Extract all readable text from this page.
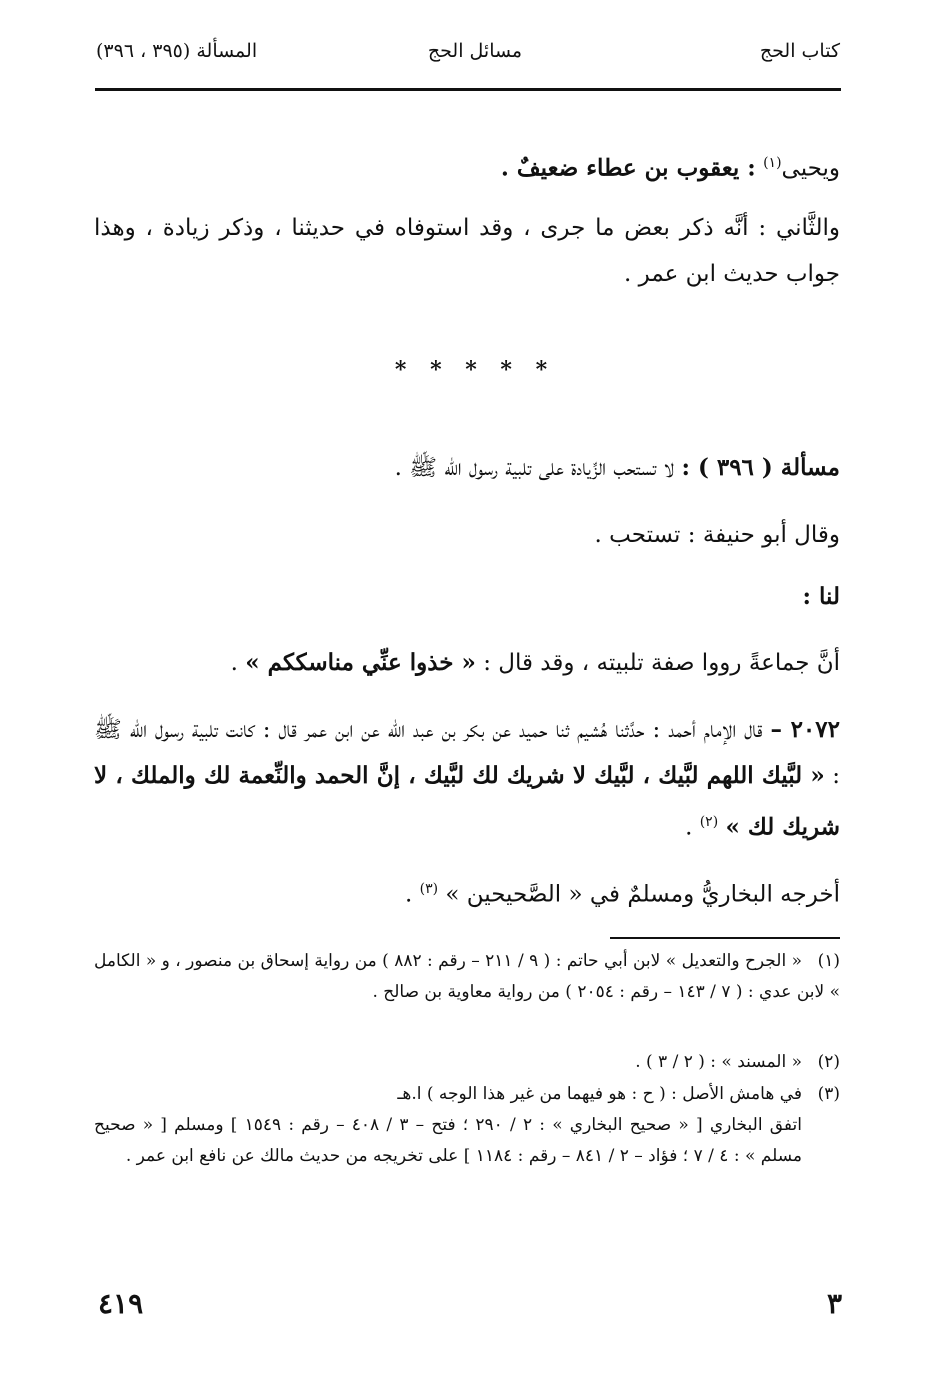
كتاب الحج
مسائل الحج
المسألة (٣٩٥ ، ٣٩٦)
ويحيى$^{(١)}$ : يعقوب بن عطاء ضعيفٌ .
والثَّاني : أنَّه ذكر بعض ما جرى ، وقد استوفاه في حديثنا ، وذكر زيادة ، وهذا جواب حديث ابن عمر .
* * * * *
مسألة ( ٣٩٦ ) : لا تستحب الزِّيادة على تلبية رسول الله ﷺ .
وقال أبو حنيفة : تستحب .
لنا :
أنَّ جماعةً رووا صفة تلبيته ، وقد قال : « خذوا عنِّي مناسككم » .
٢٠٧٢ – قال الإمام أحمد : حدَّثنا هُشيم ثنا حميد عن بكر بن عبد الله عن ابن عمر قال : كانت تلبية رسول الله ﷺ : « لبَّيك اللهم لبَّيك ، لبَّيك لا شريك لك لبَّيك ، إنَّ الحمد والنِّعمة لك والملك ، لا شريك لك » $^{(٢)}$ .
أخرجه البخاريُّ ومسلمٌ في « الصَّحيحين » $^{(٣)}$ .
(١)« الجرح والتعديل » لابن أبي حاتم : ( ٩ / ٢١١ – رقم : ٨٨٢ ) من رواية إسحاق بن منصور ، و « الكامل » لابن عدي : ( ٧ / ١٤٣ – رقم : ٢٠٥٤ ) من رواية معاوية بن صالح .
(٢)« المسند » : ( ٢ / ٣ ) .
(٣)في هامش الأصل : ( ح : هو فيهما من غير هذا الوجه ) ا.هـ
اتفق البخاري [ « صحيح البخاري » : ٢ / ٢٩٠ ؛ فتح – ٣ / ٤٠٨ – رقم : ١٥٤٩ ] ومسلم [ « صحيح مسلم » : ٤ / ٧ ؛ فؤاد – ٢ / ٨٤١ – رقم : ١١٨٤ ] على تخريجه من حديث مالك عن نافع ابن عمر .
٣
٤١٩
